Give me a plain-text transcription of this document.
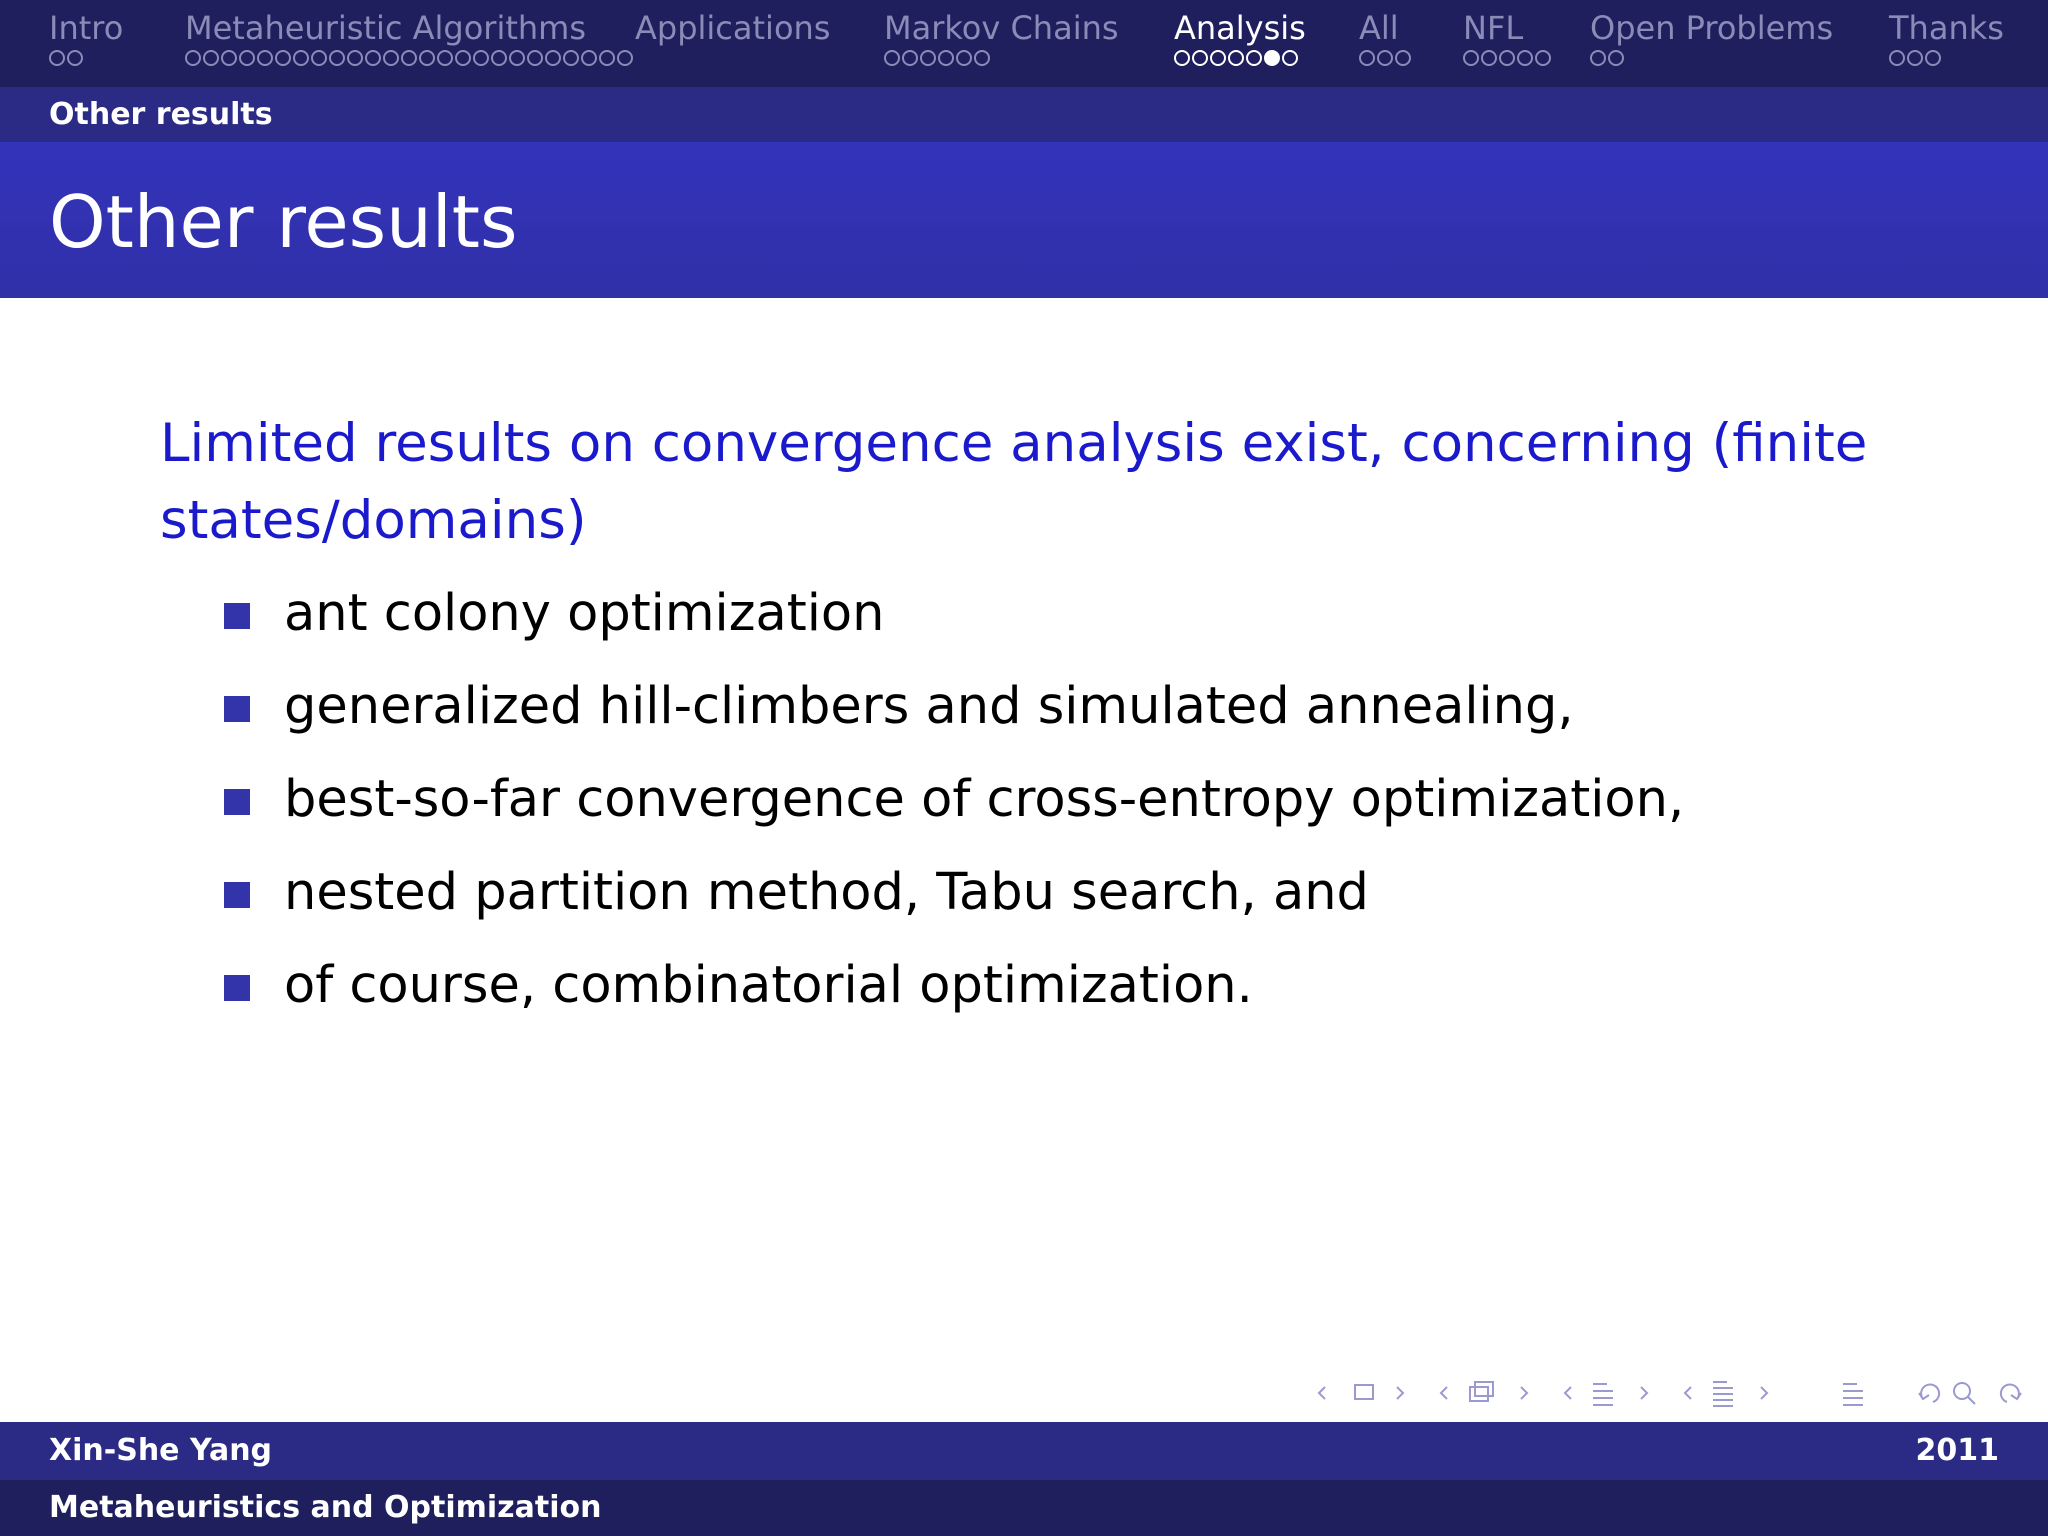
Intro Metaheuristic Algorithms	Applications Markov Chains Analysis All	NFL	Open Problems Thanks
Other results
Other results
Limited results on convergence analysis exist, concerning (finite states/domains)
ant colony optimization
generalized hill-climbers and simulated annealing,
best-so-far convergence of cross-entropy optimization,
nested partition method, Tabu search, and
of course, combinatorial optimization.
Xin-She Yang	2011
Metaheuristics and Optimization
